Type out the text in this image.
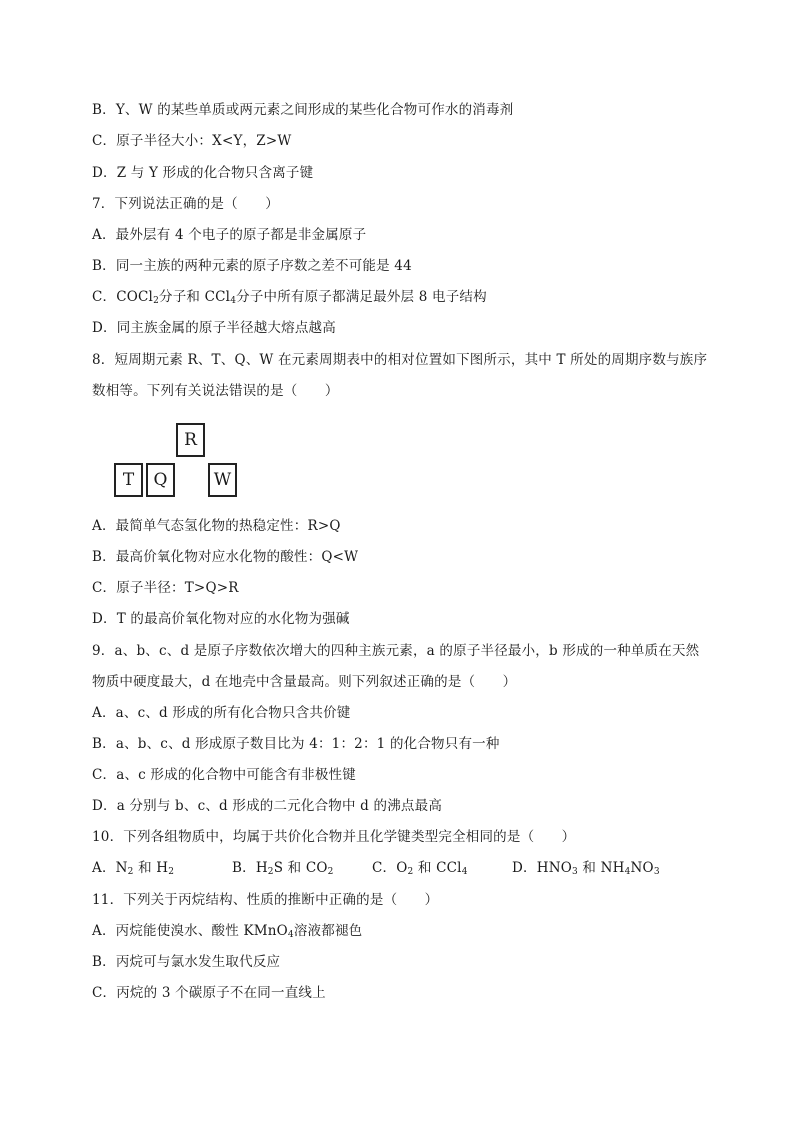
B．Y、W 的某些单质或两元素之间形成的某些化合物可作水的消毒剂
C．原子半径大小：X<Y，Z>W
D．Z 与 Y 形成的化合物只含离子键
7．下列说法正确的是（　　）
A．最外层有 4 个电子的原子都是非金属原子
B．同一主族的两种元素的原子序数之差不可能是 44
C．COCl$_2$分子和 CCl$_4$分子中所有原子都满足最外层 8 电子结构
D．同主族金属的原子半径越大熔点越高
8．短周期元素 R、T、Q、W 在元素周期表中的相对位置如下图所示，其中 T 所处的周期序数与族序数相等。下列有关说法错误的是（　　）
R
T	Q	W
A．最简单气态氢化物的热稳定性：R>Q
B．最高价氧化物对应水化物的酸性：Q<W
C．原子半径：T>Q>R
D．T 的最高价氧化物对应的水化物为强碱
9．a、b、c、d 是原子序数依次增大的四种主族元素，a 的原子半径最小，b 形成的一种单质在天然物质中硬度最大，d 在地壳中含量最高。则下列叙述正确的是（　　）
A．a、c、d 形成的所有化合物只含共价键
B．a、b、c、d 形成原子数目比为 4：1：2：1 的化合物只有一种
C．a、c 形成的化合物中可能含有非极性键
D．a 分别与 b、c、d 形成的二元化合物中 d 的沸点最高
10．下列各组物质中，均属于共价化合物并且化学键类型完全相同的是（　　）
A．$N_2$ 和 $H_2$	B．$H_2S$ 和 $CO_2$	C．$O_2$ 和 CCl$_4$	D．$HNO_3$ 和 $NH_4NO_3$
11．下列关于丙烷结构、性质的推断中正确的是（　　）
A．丙烷能使溴水、酸性 KMnO$_4$溶液都褪色
B．丙烷可与氯水发生取代反应
C．丙烷的 3 个碳原子不在同一直线上
